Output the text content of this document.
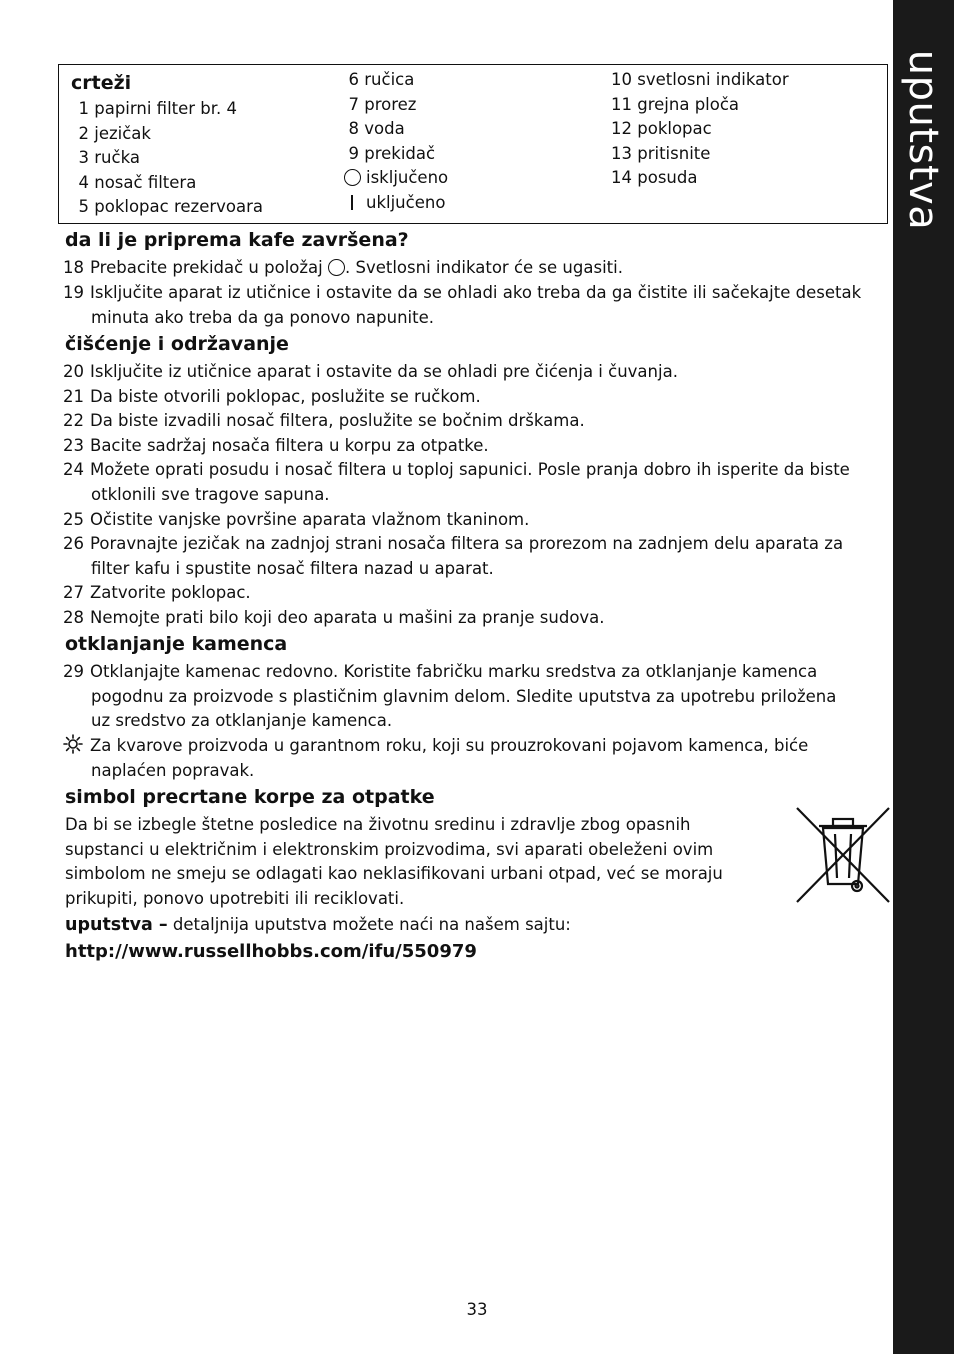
uputstva
crteži
1 papirni filter br. 4
2 jezičak
3 ručka
4 nosač filtera
5 poklopac rezervoara
6 ručica
7 prorez
8 voda
9 prekidač
isključeno
uključeno
10 svetlosni indikator
11 grejna ploča
12 poklopac
13 pritisnite
14 posuda
da li je priprema kafe završena?
18 Prebacite prekidač u položaj . Svetlosni indikator će se ugasiti.
19 Isključite aparat iz utičnice i ostavite da se ohladi ako treba da ga čistite ili sačekajte desetak
minuta ako treba da ga ponovo napunite.
čišćenje i održavanje
20 Isključite iz utičnice aparat i ostavite da se ohladi pre čićenja i čuvanja.
21 Da biste otvorili poklopac, poslužite se ručkom.
22 Da biste izvadili nosač filtera, poslužite se bočnim drškama.
23 Bacite sadržaj nosača filtera u korpu za otpatke.
24 Možete oprati posudu i nosač filtera u toploj sapunici. Posle pranja dobro ih isperite da biste
otklonili sve tragove sapuna.
25 Očistite vanjske površine aparata vlažnom tkaninom.
26 Poravnajte jezičak na zadnjoj strani nosača filtera sa prorezom na zadnjem delu aparata za
filter kafu i spustite nosač filtera nazad u aparat.
27 Zatvorite poklopac.
28 Nemojte prati bilo koji deo aparata u mašini za pranje sudova.
otklanjanje kamenca
29 Otklanjajte kamenac redovno. Koristite fabričku marku sredstva za otklanjanje kamenca
pogodnu za proizvode s plastičnim glavnim delom. Sledite uputstva za upotrebu priložena
uz sredstvo za otklanjanje kamenca.
Za kvarove proizvoda u garantnom roku, koji su prouzrokovani pojavom kamenca, biće
naplaćen popravak.
simbol precrtane korpe za otpatke
Da bi se izbegle štetne posledice na životnu sredinu i zdravlje zbog opasnih
supstanci u električnim i elektronskim proizvodima, svi aparati obeleženi ovim
simbolom ne smeju se odlagati kao neklasifikovani urbani otpad, već se moraju
prikupiti, ponovo upotrebiti ili reciklovati.
uputstva – detaljnija uputstva možete naći na našem sajtu:
http://www.russellhobbs.com/ifu/550979
33
